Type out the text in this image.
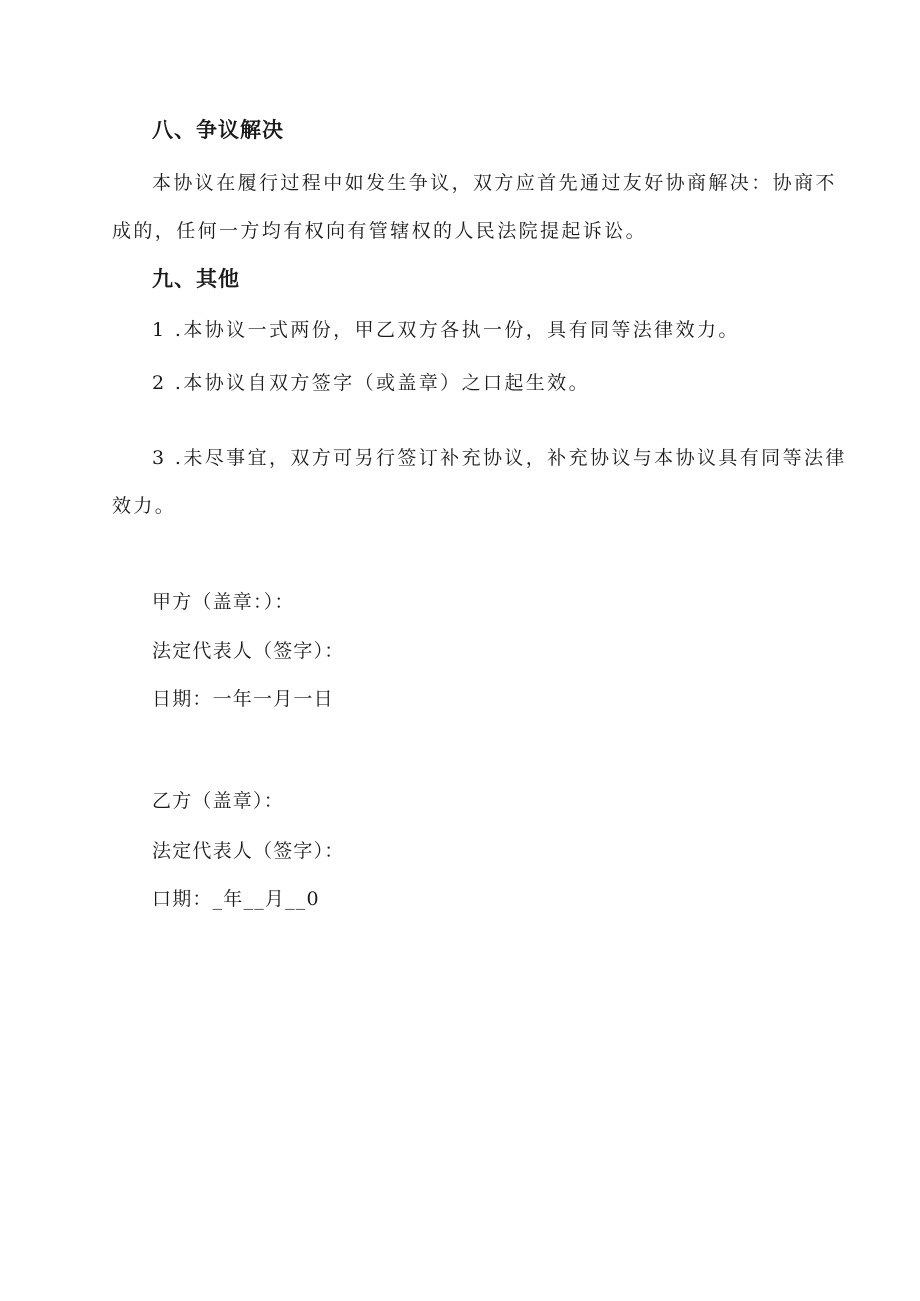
八、争议解决
本协议在履行过程中如发生争议，双方应首先通过友好协商解决：协商不
成的，任何一方均有权向有管辖权的人民法院提起诉讼。
九、其他
1 .本协议一式两份，甲乙双方各执一份，具有同等法律效力。
2 .本协议自双方签字（或盖章）之口起生效。
3 .未尽事宜，双方可另行签订补充协议，补充协议与本协议具有同等法律
效力。
甲方（盖章：）：
法定代表人（签字）：
日期：一年一月一日
乙方（盖章）：
法定代表人（签字）：
口期：_年__月__0
